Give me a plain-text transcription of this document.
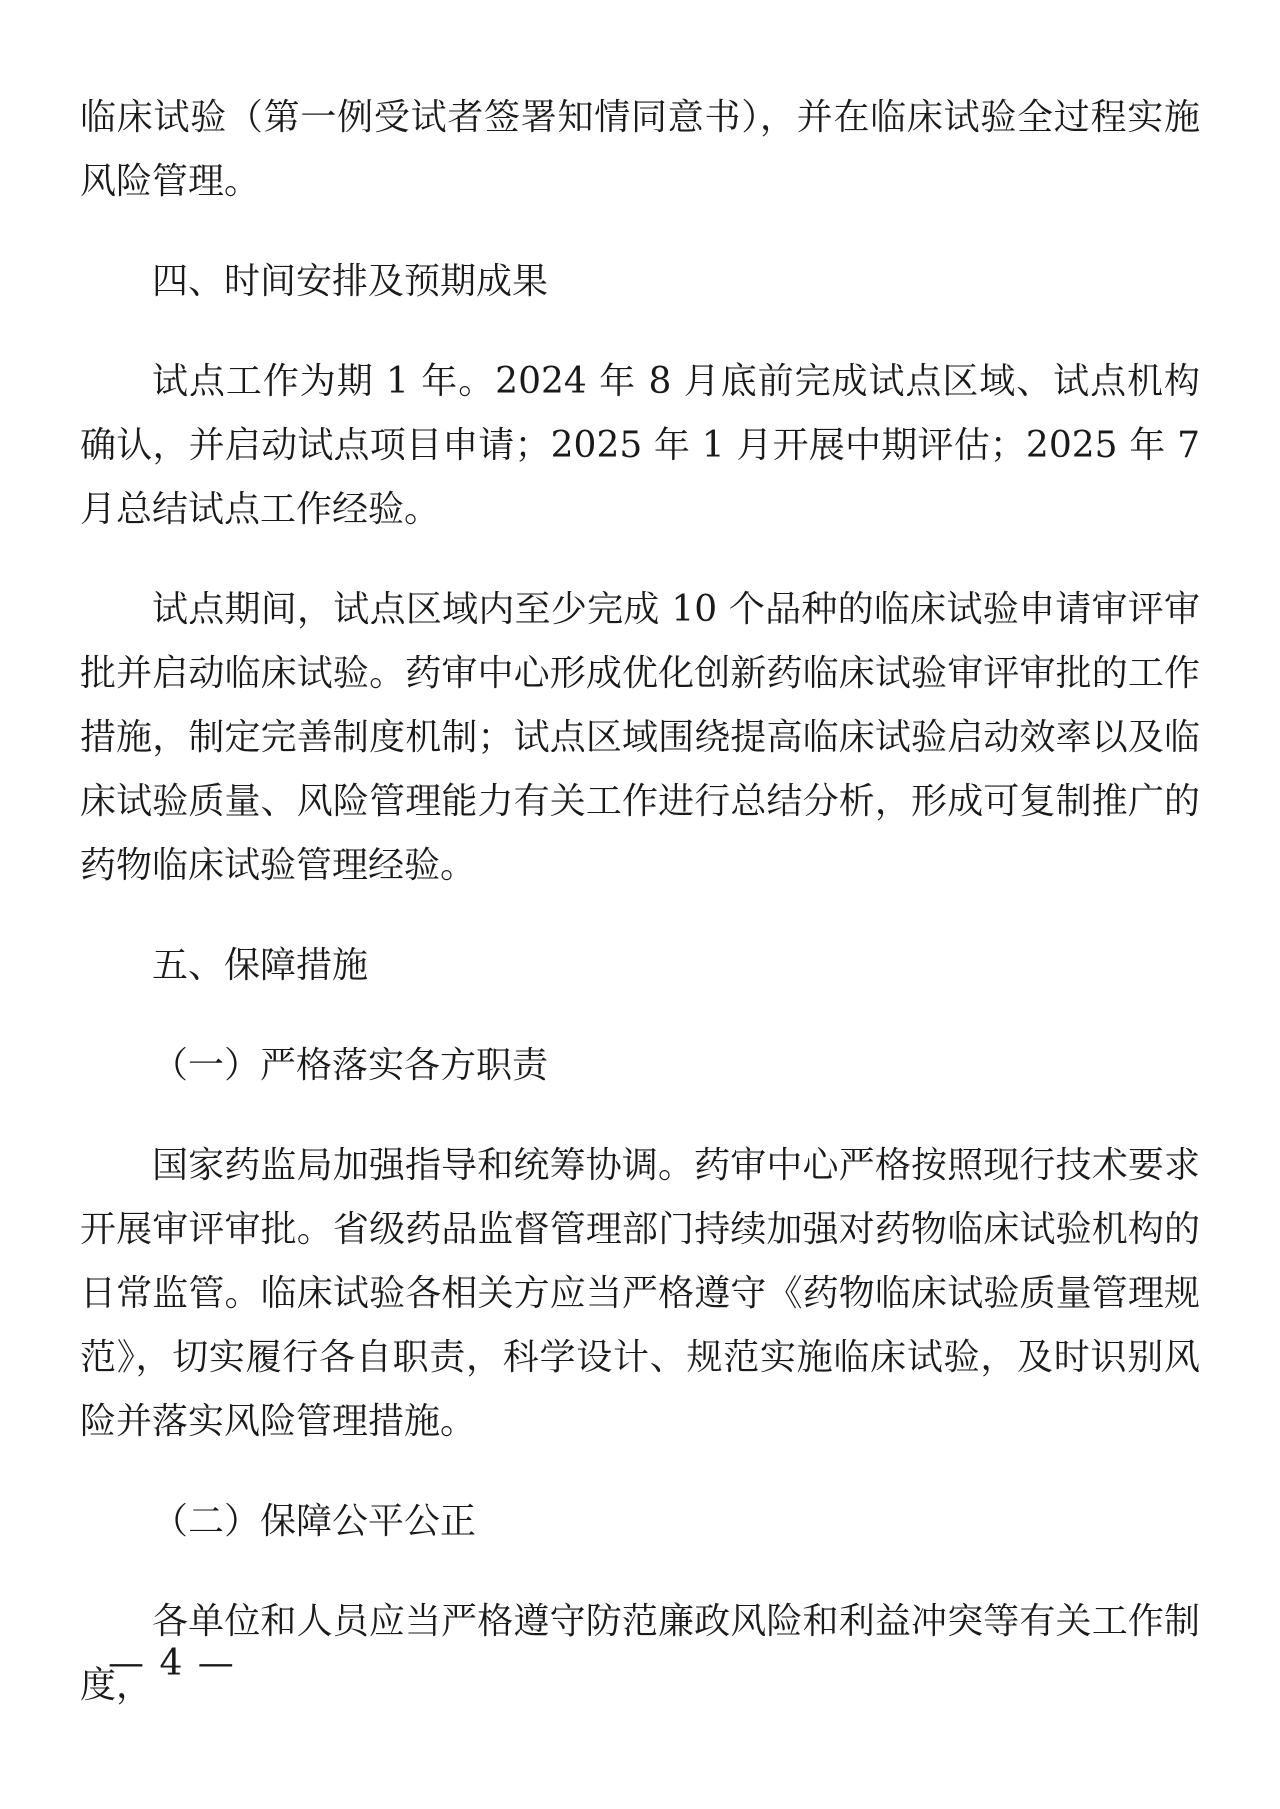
临床试验（第一例受试者签署知情同意书），并在临床试验全过程实施风险管理。

四、时间安排及预期成果

试点工作为期 1 年。2024 年 8 月底前完成试点区域、试点机构确认，并启动试点项目申请；2025 年 1 月开展中期评估；2025 年 7 月总结试点工作经验。

试点期间，试点区域内至少完成 10 个品种的临床试验申请审评审批并启动临床试验。药审中心形成优化创新药临床试验审评审批的工作措施，制定完善制度机制；试点区域围绕提高临床试验启动效率以及临床试验质量、风险管理能力有关工作进行总结分析，形成可复制推广的药物临床试验管理经验。

五、保障措施

（一）严格落实各方职责

国家药监局加强指导和统筹协调。药审中心严格按照现行技术要求开展审评审批。省级药品监督管理部门持续加强对药物临床试验机构的日常监管。临床试验各相关方应当严格遵守《药物临床试验质量管理规范》，切实履行各自职责，科学设计、规范实施临床试验，及时识别风险并落实风险管理措施。

（二）保障公平公正

各单位和人员应当严格遵守防范廉政风险和利益冲突等有关工作制度，

— 4 —
